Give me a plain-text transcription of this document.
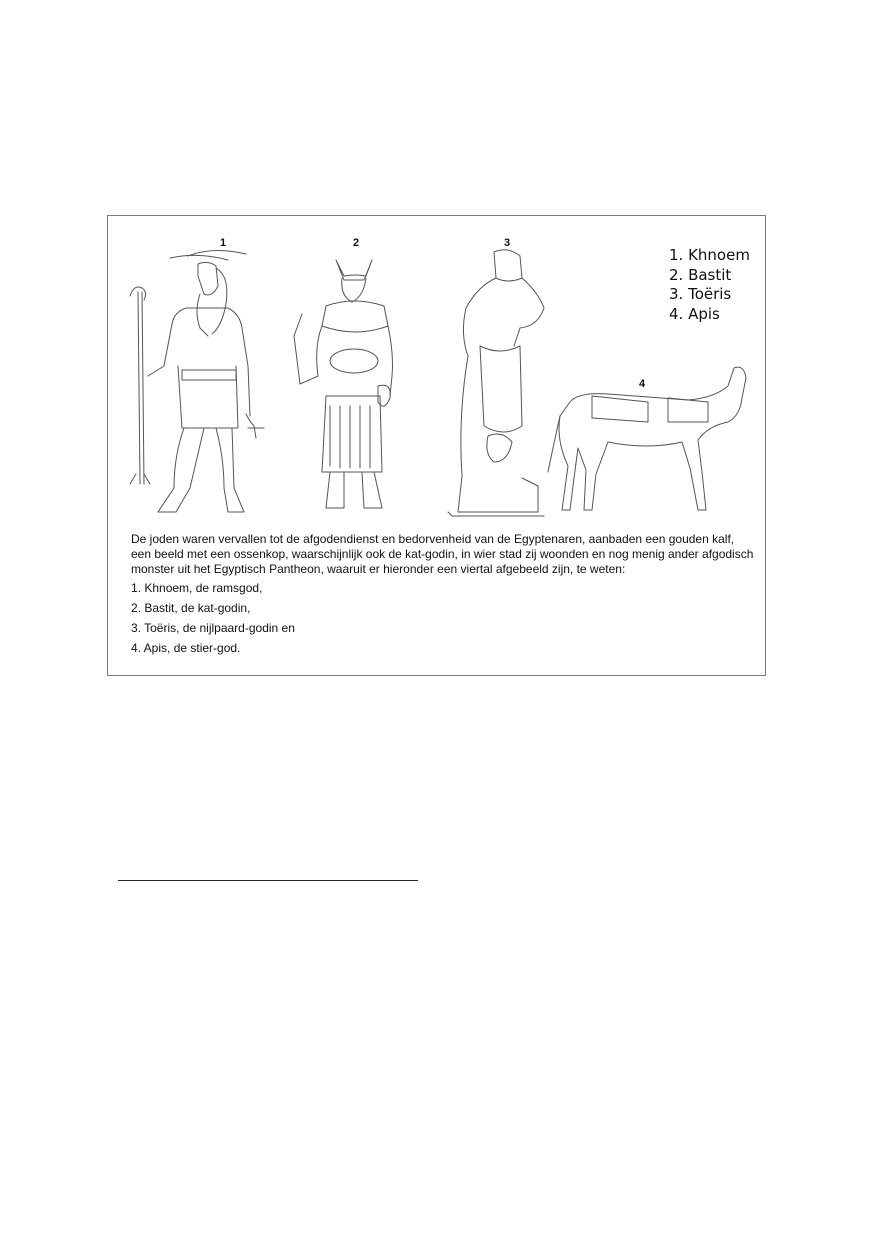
1	2	3
4
1. Khnoem
2. Bastit
3. Toëris
4. Apis

De joden waren vervallen tot de afgodendienst en bedorvenheid van de Egyptenaren, aanbaden een gouden kalf, een beeld met een ossenkop, waarschijnlijk ook de kat-godin, in wier stad zij woonden en nog menig ander afgodisch monster uit het Egyptisch Pantheon, waaruit er hieronder een viertal afgebeeld zijn, te weten:

1. Khnoem, de ramsgod,

2. Bastit, de kat-godin,

3. Toëris, de nijlpaard-godin en

4. Apis, de stier-god.
